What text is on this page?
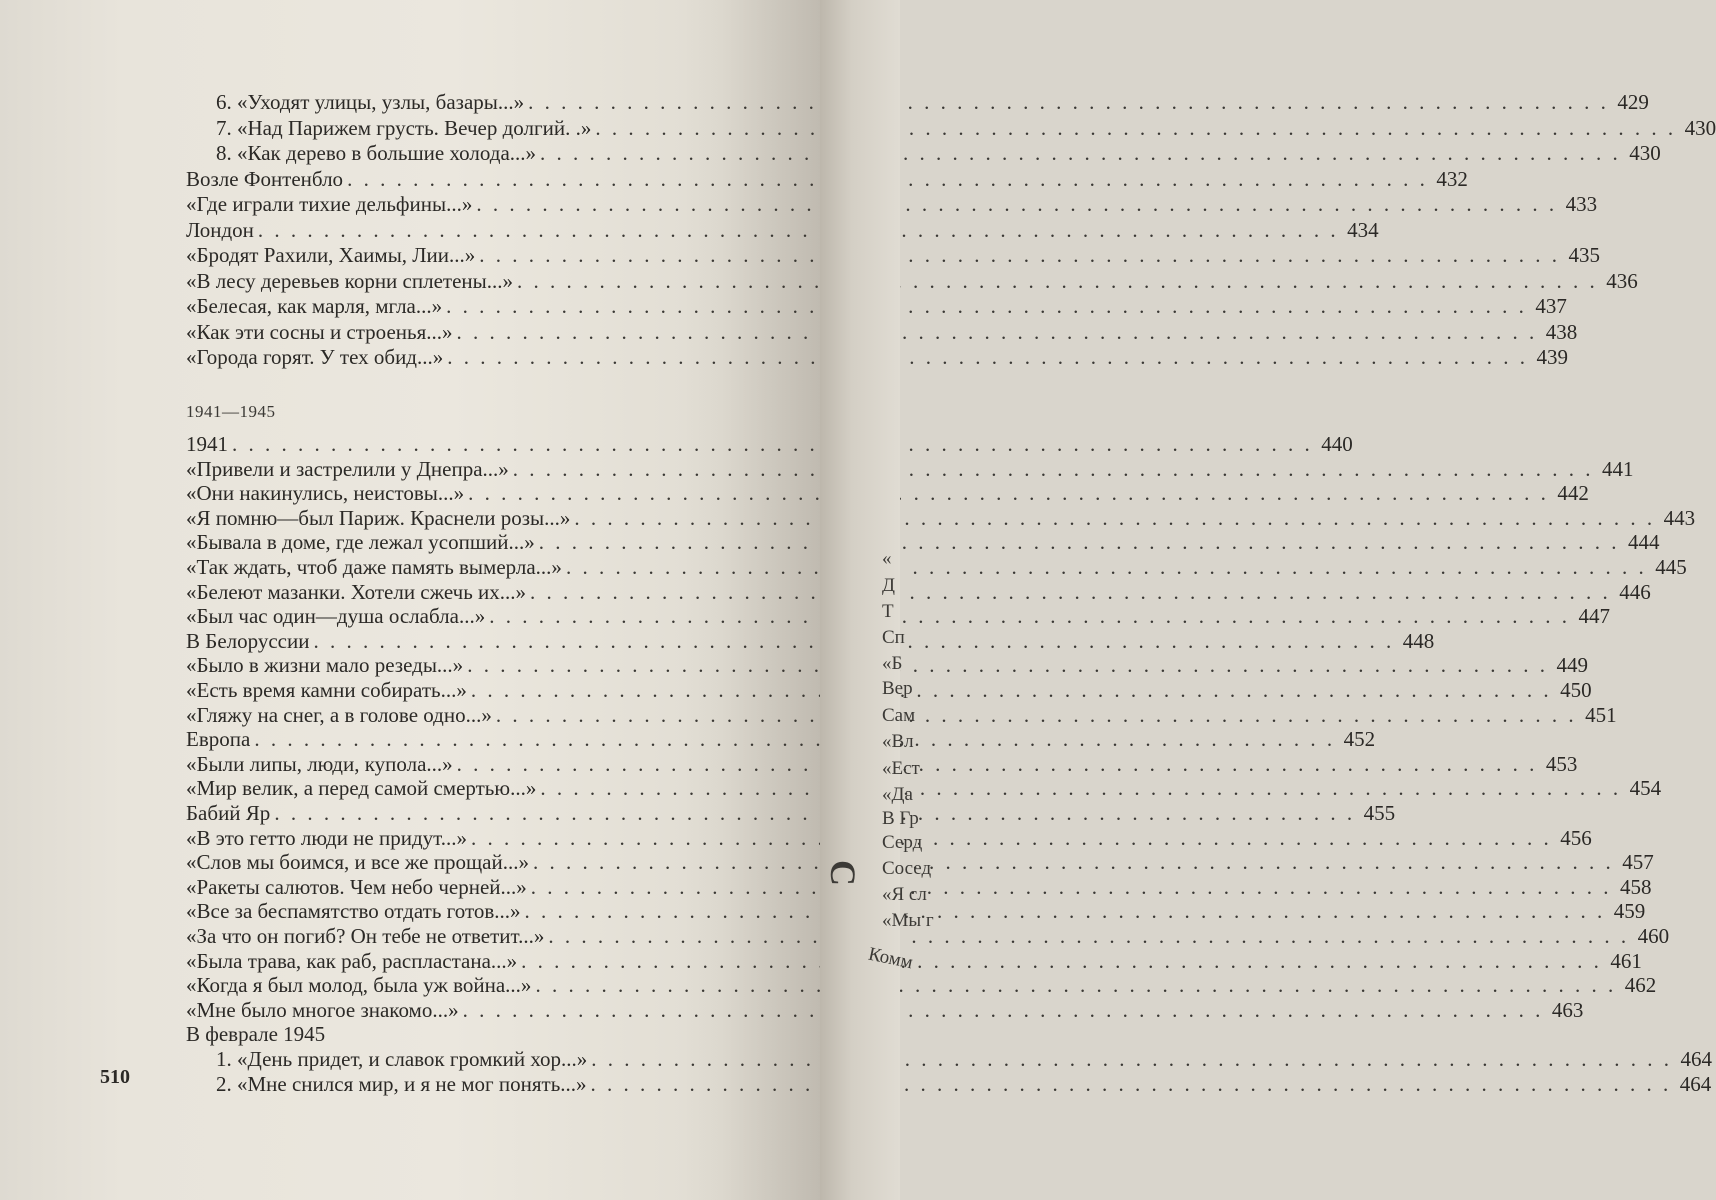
6. «Уходят улицы, узлы, базары...» . . .	429
7. «Над Парижем грусть. Вечер долгий. .» . . .	430
8. «Как дерево в большие холода...» . . .	430
Возле Фонтенбло . . .	432
«Где играли тихие дельфины...» . . .	433
Лондон . . .	434
«Бродят Рахили, Хаимы, Лии...» . . .	435
«В лесу деревьев корни сплетены...» . . .	436
«Белесая, как марля, мгла...» . . .	437
«Как эти сосны и строенья...» . . .	438
«Города горят. У тех обид...» . . .	439
1941—1945
1941 . . .	440
«Привели и застрелили у Днепра...» . . .	441
«Они накинулись, неистовы...» . . .	442
«Я помню—был Париж. Краснели розы...» . . .	443
«Бывала в доме, где лежал усопший...» . . .	444
«Так ждать, чтоб даже память вымерла...» . . .	445
«Белеют мазанки. Хотели сжечь их...» . . .	446
«Был час один—душа ослабла...» . . .	447
В Белоруссии . . .	448
«Было в жизни мало резеды...» . . .	449
«Есть время камни собирать...» . . .	450
«Гляжу на снег, а в голове одно...» . . .	451
Европа . . .	452
«Были липы, люди, купола...» . . .	453
«Мир велик, а перед самой смертью...» . . .	454
Бабий Яр . . .	455
«В это гетто люди не придут...» . . .	456
«Слов мы боимся, и все же прощай...» . . .	457
«Ракеты салютов. Чем небо черней...» . . .	458
«Все за беспамятство отдать готов...» . . .	459
«За что он погиб? Он тебе не ответит...» . . .	460
«Была трава, как раб, распластана...» . . .	461
«Когда я был молод, была уж война...» . . .	462
«Мне было многое знакомо...» . . .	463
В феврале 1945
1. «День придет, и славок громкий хор...» . . .	464
2. «Мне снился мир, и я не мог понять...» . . .	464
510
С
«
Д
Т
Сп
«Б
Вер
Сам
«Вл
«Ест
«Да
В Гр
Серд
Сосед
«Я сл
«Мы г
Комм
